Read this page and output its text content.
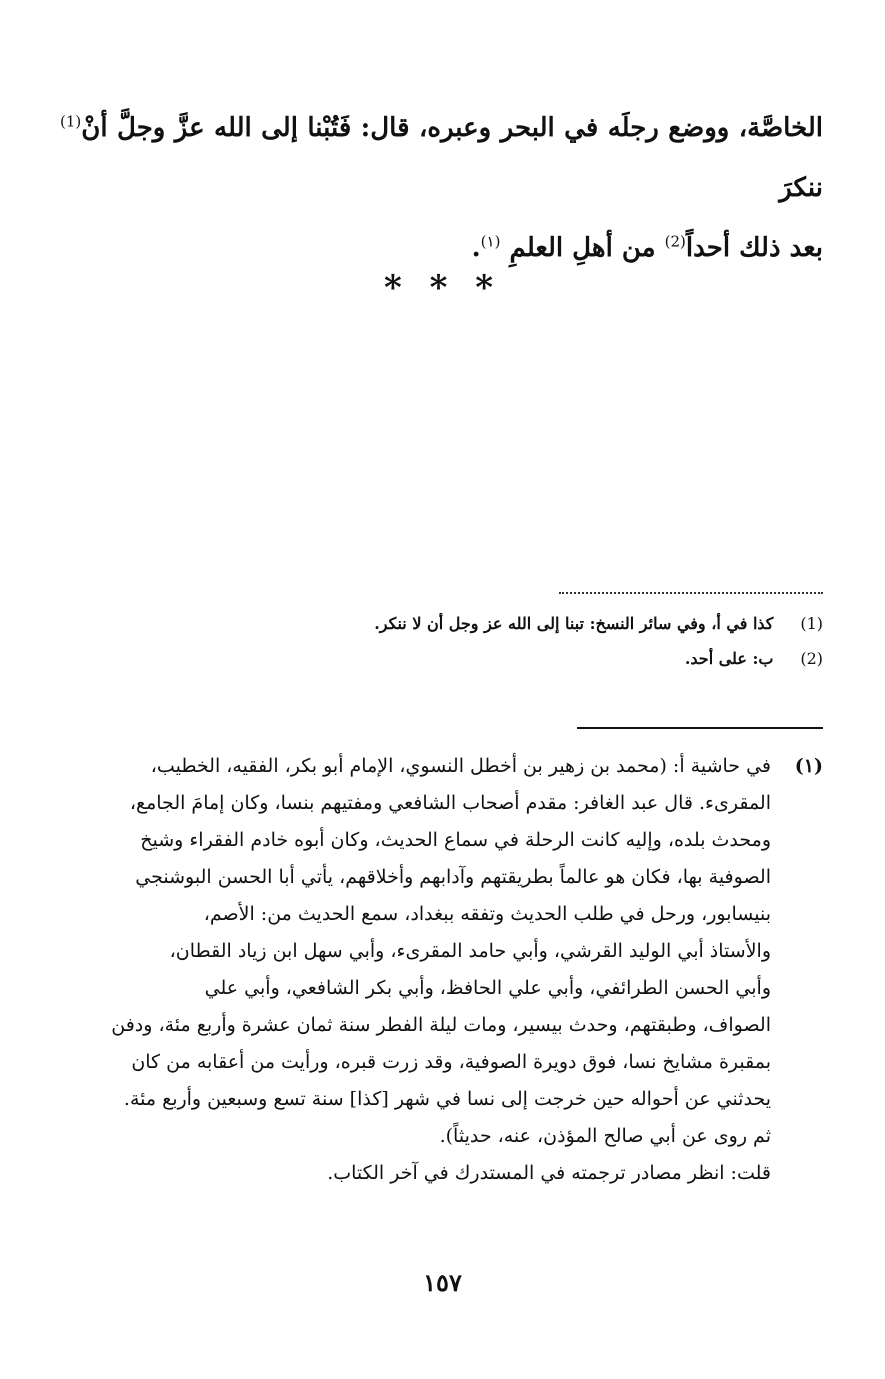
الخاصَّة، ووضع رجلَه في البحر وعبره، قال: فَتُبْنا إلى الله عزَّ وجلَّ أنْ$^{(1)}$ ننكرَ

بعد ذلك أحداً$^{(2)}$ من أهلِ العلمِ $^{(١)}$.

* * *
(1) كذا في أ، وفي سائر النسخ: تبنا إلى الله عز وجل أن لا ننكر.
(2) ب: على أحد.
(١)
في حاشية أ: (محمد بن زهير بن أخطل النسوي، الإمام أبو بكر، الفقيه، الخطيب،
المقرىء. قال عبد الغافر: مقدم أصحاب الشافعي ومفتيهم بنسا، وكان إمامَ الجامع،
ومحدث بلده، وإليه كانت الرحلة في سماع الحديث، وكان أبوه خادم الفقراء وشيخ
الصوفية بها، فكان هو عالماً بطريقتهم وآدابهم وأخلاقهم، يأتي أبا الحسن البوشنجي
بنيسابور، ورحل في طلب الحديث وتفقه ببغداد، سمع الحديث من: الأصم،
والأستاذ أبي الوليد القرشي، وأبي حامد المقرىء، وأبي سهل ابن زياد القطان،
وأبي الحسن الطرائفي، وأبي علي الحافظ، وأبي بكر الشافعي، وأبي علي
الصواف، وطبقتهم، وحدث بيسير، ومات ليلة الفطر سنة ثمان عشرة وأربع مئة، ودفن
بمقبرة مشايخ نسا، فوق دويرة الصوفية، وقد زرت قبره، ورأيت من أعقابه من كان
يحدثني عن أحواله حين خرجت إلى نسا في شهر [كذا] سنة تسع وسبعين وأربع مئة.
ثم روى عن أبي صالح المؤذن، عنه، حديثاً).
قلت: انظر مصادر ترجمته في المستدرك في آخر الكتاب.
١٥٧
